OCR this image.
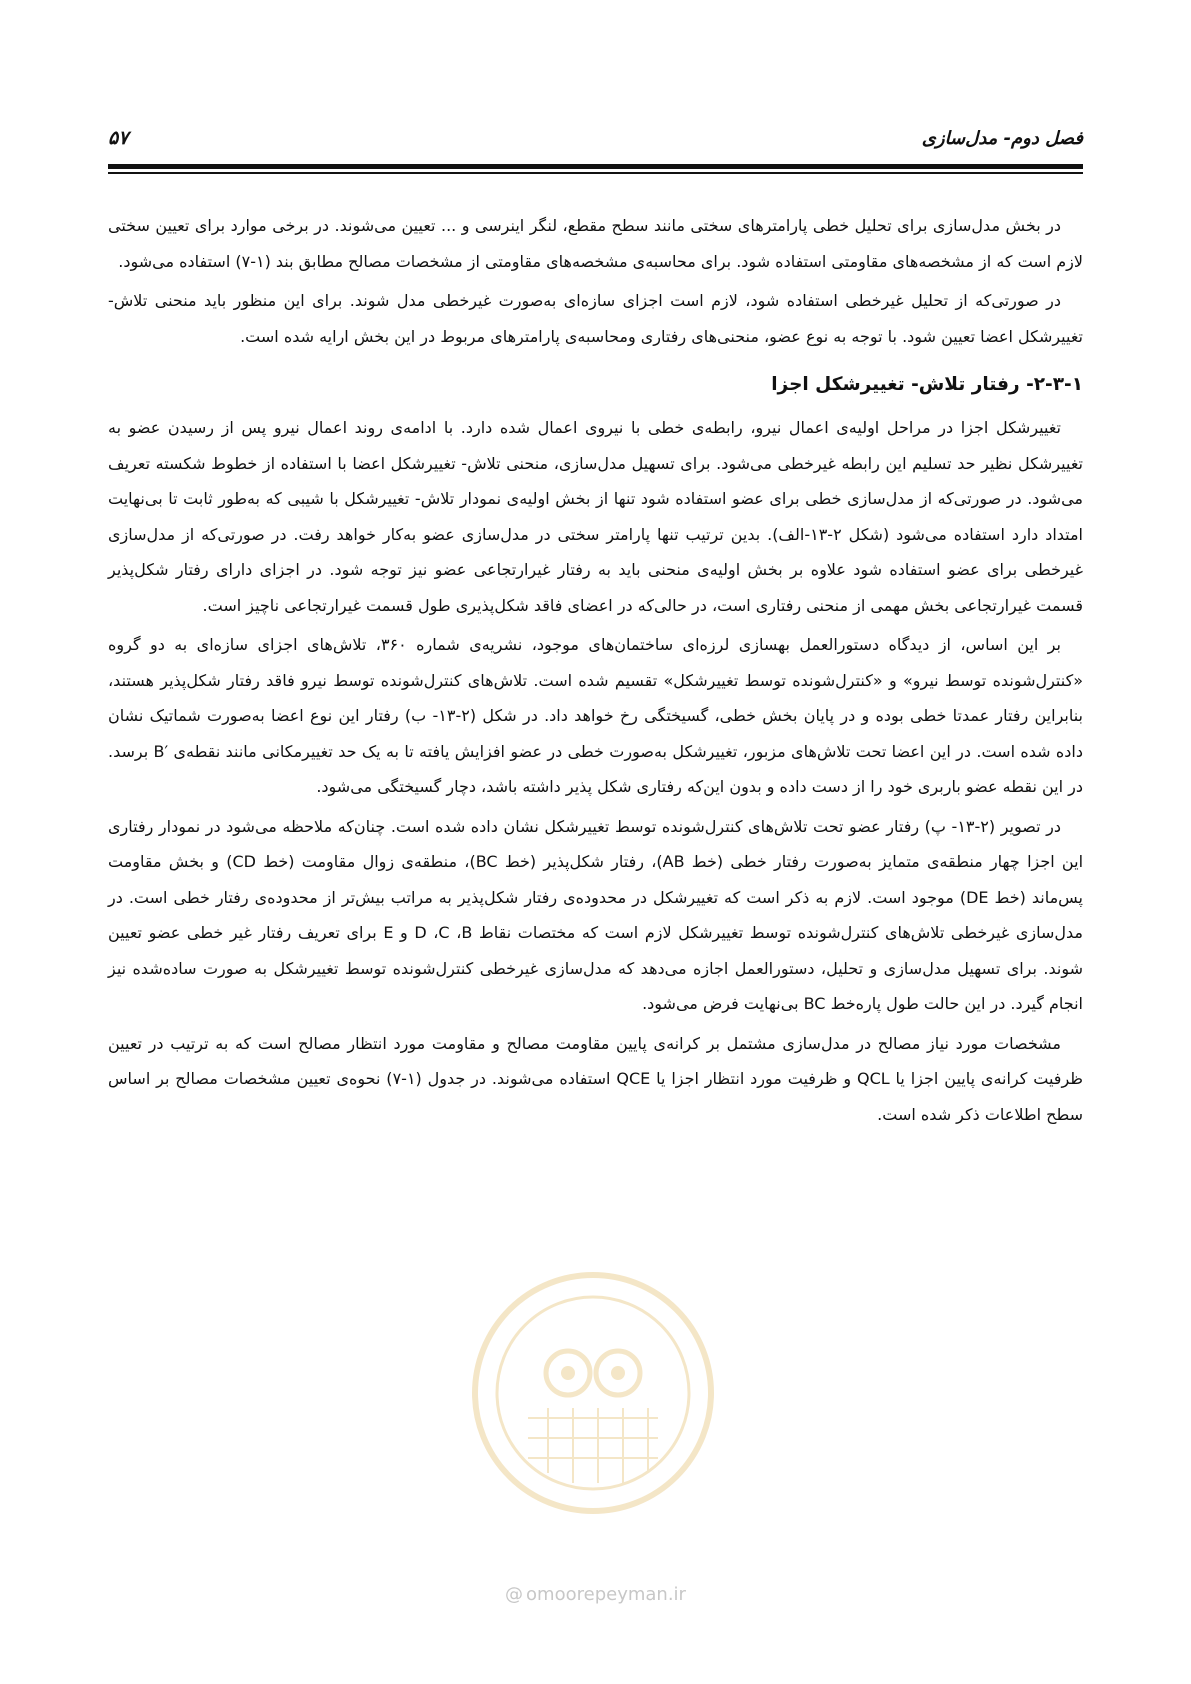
۵۷	فصل دوم- مدل‌سازی

در بخش مدل‌سازی برای تحلیل خطی پارامترهای سختی مانند سطح مقطع، لنگر اینرسی و ... تعیین می‌شوند. در برخی موارد برای تعیین سختی لازم است که از مشخصه‌های مقاومتی استفاده شود. برای محاسبه‌ی مشخصه‌های مقاومتی از مشخصات مصالح مطابق بند (۱-۷) استفاده می‌شود.

در صورتی‌که از تحلیل غیرخطی استفاده شود، لازم است اجزای سازه‌ای به‌صورت غیرخطی مدل شوند. برای این منظور باید منحنی تلاش- تغییرشکل اعضا تعیین شود. با توجه به نوع عضو، منحنی‌های رفتاری ومحاسبه‌ی پارامترهای مربوط در این بخش ارایه شده است.

۲-۳-۱- رفتار تلاش- تغییرشکل اجزا

تغییرشکل اجزا در مراحل اولیه‌ی اعمال نیرو، رابطه‌ی خطی با نیروی اعمال شده دارد. با ادامه‌ی روند اعمال نیرو پس از رسیدن عضو به تغییرشکل نظیر حد تسلیم این رابطه غیرخطی می‌شود. برای تسهیل مدل‌سازی، منحنی تلاش- تغییرشکل اعضا با استفاده از خطوط شکسته تعریف می‌شود. در صورتی‌که از مدل‌سازی خطی برای عضو استفاده شود تنها از بخش اولیه‌ی نمودار تلاش- تغییرشکل با شیبی که به‌طور ثابت تا بی‌نهایت امتداد دارد استفاده می‌شود (شکل ۲-۱۳-الف). بدین ترتیب تنها پارامتر سختی در مدل‌سازی عضو به‌کار خواهد رفت. در صورتی‌که از مدل‌سازی غیرخطی برای عضو استفاده شود علاوه بر بخش اولیه‌ی منحنی باید به رفتار غیرارتجاعی عضو نیز توجه شود. در اجزای دارای رفتار شکل‌پذیر قسمت غیرارتجاعی بخش مهمی از منحنی رفتاری است، در حالی‌که در اعضای فاقد شکل‌پذیری طول قسمت غیرارتجاعی ناچیز است.

بر این اساس، از دیدگاه دستورالعمل بهسازی لرزه‌ای ساختمان‌های موجود، نشریه‌ی شماره ۳۶۰، تلاش‌های اجزای سازه‌ای به دو گروه «کنترل‌شونده توسط نیرو» و «کنترل‌شونده توسط تغییرشکل» تقسیم شده است. تلاش‌های کنترل‌شونده توسط نیرو فاقد رفتار شکل‌پذیر هستند، بنابراین رفتار عمدتا خطی بوده و در پایان بخش خطی، گسیختگی رخ خواهد داد. در شکل (۲-۱۳- ب) رفتار این نوع اعضا به‌صورت شماتیک نشان داده شده است. در این اعضا تحت تلاش‌های مزبور، تغییرشکل به‌صورت خطی در عضو افزایش یافته تا به یک حد تغییرمکانی مانند نقطه‌ی ′B برسد. در این نقطه عضو باربری خود را از دست داده و بدون این‌که رفتاری شکل پذیر داشته باشد، دچار گسیختگی می‌شود.

در تصویر (۲-۱۳- پ) رفتار عضو تحت تلاش‌های کنترل‌شونده توسط تغییرشکل نشان داده شده است. چنان‌که ملاحظه می‌شود در نمودار رفتاری این اجزا چهار منطقه‌ی متمایز به‌صورت رفتار خطی (خط AB)، رفتار شکل‌پذیر (خط BC)، منطقه‌ی زوال مقاومت (خط CD) و بخش مقاومت پس‌ماند (خط DE) موجود است. لازم به ذکر است که تغییرشکل در محدوده‌ی رفتار شکل‌پذیر به مراتب بیش‌تر از محدوده‌ی رفتار خطی است. در مدل‌سازی غیرخطی تلاش‌های کنترل‌شونده توسط تغییرشکل لازم است که مختصات نقاط D ،C ،B و E برای تعریف رفتار غیر خطی عضو تعیین شوند. برای تسهیل مدل‌سازی و تحلیل، دستورالعمل اجازه می‌دهد که مدل‌سازی غیرخطی کنترل‌شونده توسط تغییرشکل به صورت ساده‌شده نیز انجام گیرد. در این حالت طول پاره‌خط BC بی‌نهایت فرض می‌شود.

مشخصات مورد نیاز مصالح در مدل‌سازی مشتمل بر کرانه‌ی پایین مقاومت مصالح و مقاومت مورد انتظار مصالح است که به ترتیب در تعیین ظرفیت کرانه‌ی پایین اجزا یا QCL و ظرفیت مورد انتظار اجزا یا QCE استفاده می‌شوند. در جدول (۱-۷) نحوه‌ی تعیین مشخصات مصالح بر اساس سطح اطلاعات ذکر شده است.

@ omoorepeyman.ir
